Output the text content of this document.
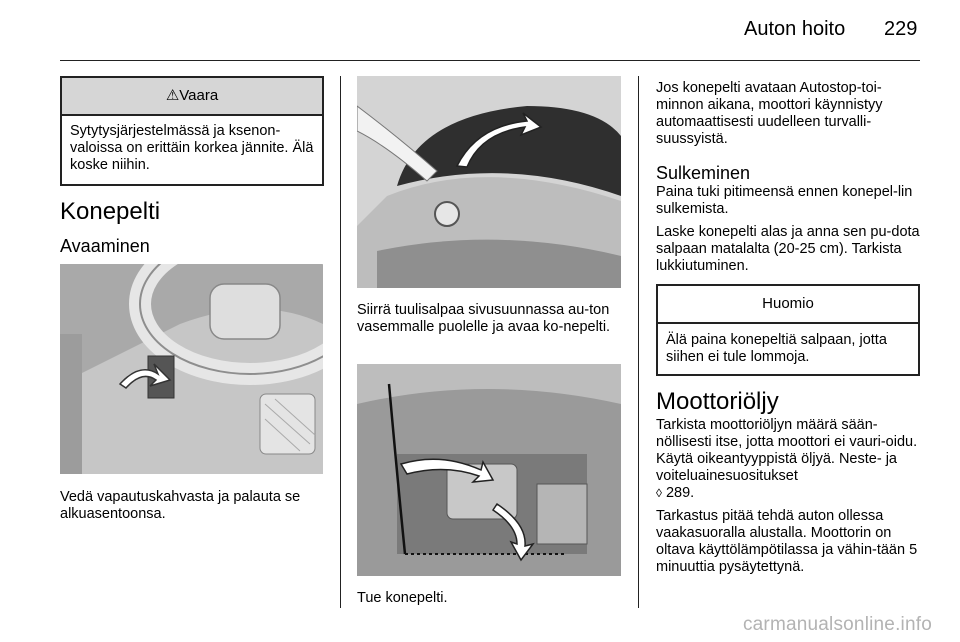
Auton hoito 229
⚠Vaara

Sytytysjärjestelmässä ja ksenon-valoissa on erittäin korkea jännite. Älä koske niihin.

Konepelti
Avaaminen

Vedä vapautuskahvasta ja palauta se alkuasentoonsa.

Siirrä tuulisalpaa sivusuunnassa au-ton vasemmalle puolelle ja avaa ko-nepelti.

Tue konepelti.

Jos konepelti avataan Autostop-toi-minnon aikana, moottori käynnistyy automaattisesti uudelleen turvalli-suussyistä.

Sulkeminen

Paina tuki pitimeensä ennen konepel-lin sulkemista.

Laske konepelti alas ja anna sen pu-dota salpaan matalalta (20-25 cm). Tarkista lukkiutuminen.

Huomio

Älä paina konepeltiä salpaan, jotta siihen ei tule lommoja.

Moottoriöljy

Tarkista moottoriöljyn määrä sään-nöllisesti itse, jotta moottori ei vauri-oidu. Käytä oikeantyyppistä öljyä. Neste- ja voiteluainesuositukset

◊ 289.

Tarkastus pitää tehdä auton ollessa vaakasuoralla alustalla. Moottorin on oltava käyttölämpötilassa ja vähin-tään 5 minuuttia pysäytettynä.

carmanualsonline.info
